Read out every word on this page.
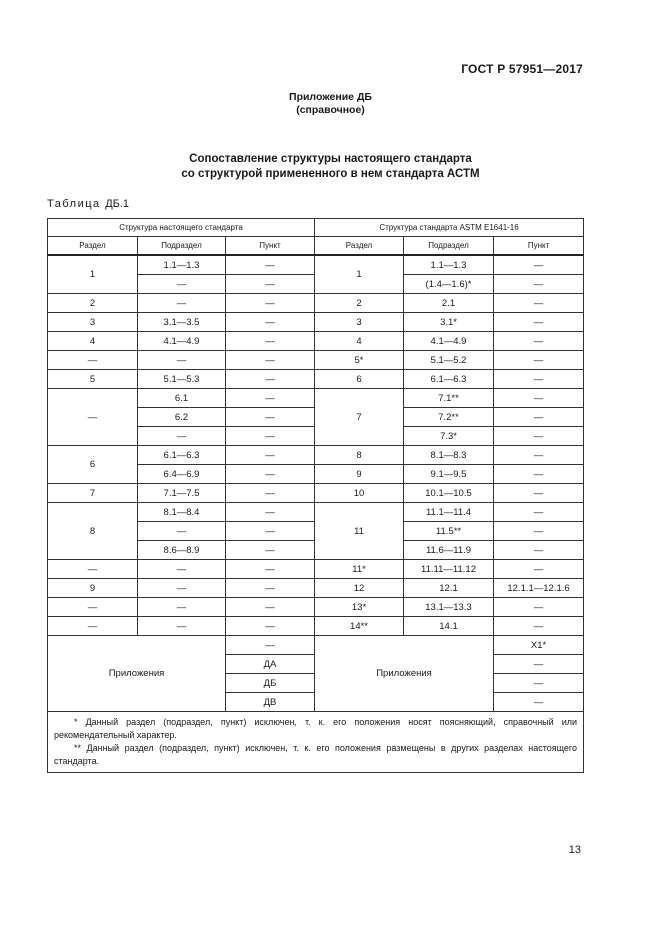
ГОСТ Р 57951—2017
Приложение ДБ
(справочное)
Сопоставление структуры настоящего стандарта
со структурой примененного в нем стандарта АСТМ
Таблица ДБ.1
Структура настоящего стандарта			Структура стандарта ASTM E1641-16		
Раздел	Подраздел	Пункт	Раздел	Подраздел	Пункт
1	1.1—1.3	—	1	1.1—1.3	—
	—	—		(1.4—1.6)*	—
2	—	—	2	2.1	—
3	3.1—3.5	—	3	3.1*	—
4	4.1—4.9	—	4	4.1—4.9	—
—	—	—	5*	5.1—5.2	—
5	5.1—5.3	—	6	6.1—6.3	—
—	6.1	—	7	7.1**	—
	6.2	—		7.2**	—
	—	—		7.3*	—
6	6.1—6.3	—	8	8.1—8.3	—
	6.4—6.9	—	9	9.1—9.5	—
7	7.1—7.5	—	10	10.1—10.5	—
8	8.1—8.4	—	11	11.1—11.4	—
	—	—		11.5**	—
	8.6—8.9	—		11.6—11.9	—
—	—	—	11*	11.11—11.12	—
9	—	—	12	12.1	12.1.1—12.1.6
—	—	—	13*	13.1—13.3	—
—	—	—	14**	14.1	—
Приложения		—	Приложения		X1*
		ДА			—
		ДБ			—
		ДВ			—

* Данный раздел (подраздел, пункт) исключен, т. к. его положения носят поясняющий, справочный или рекомендательный характер.
** Данный раздел (подраздел, пункт) исключен, т. к. его положения размещены в других разделах настоящего стандарта.					
13
